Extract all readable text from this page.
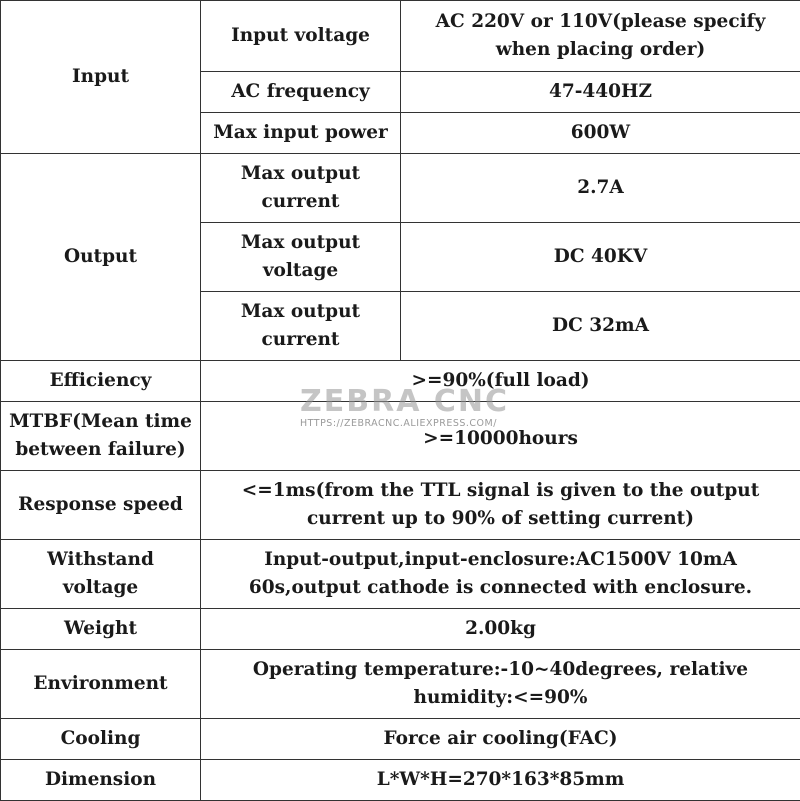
Input	Input voltage	AC 220V or 110V(please specify when placing order)
	AC frequency	47-440HZ
	Max input power	600W
Output	Max output current	2.7A
	Max output voltage	DC 40KV
	Max output current	DC 32mA
Efficiency	>=90%(full load)	
MTBF(Mean time between failure)	>=10000hours	
Response speed	<=1ms(from the TTL signal is given to the output current up to 90% of setting current)	
Withstand voltage	Input-output,input-enclosure:AC1500V 10mA 60s,output cathode is connected with enclosure.	
Weight	2.00kg	
Environment	Operating temperature:-10~40degrees, relative humidity:<=90%	
Cooling	Force air cooling(FAC)	
Dimension	L*W*H=270*163*85mm	
ZEBRA CNC
HTTPS://ZEBRACNC.ALIEXPRESS.COM/
